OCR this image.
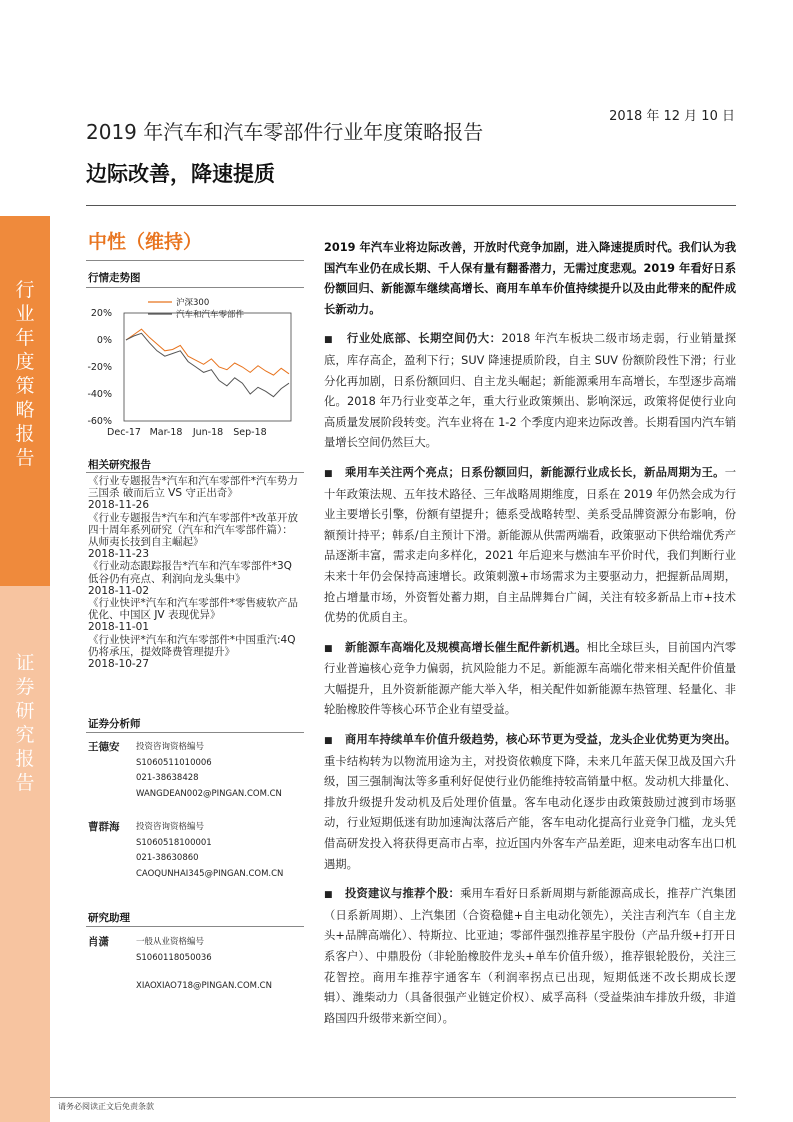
行
业
年
度
策
略
报
告
证
券
研
究
报
告
2018 年 12 月 10 日
2019 年汽车和汽车零部件行业年度策略报告
边际改善，降速提质
中性（维持）
行情走势图
20%
0%
-20%
-40%
-60%
Dec-17 Mar-18 Jun-18 Sep-18
沪深300
汽车和汽车零部件
相关研究报告
《行业专题报告*汽车和汽车零部件*汽车势力三国杀 破而后立 VS 守正出奇》
2018-11-26
《行业专题报告*汽车和汽车零部件*改革开放四十周年系列研究（汽车和汽车零部件篇）：从师夷长技到自主崛起》
2018-11-23
《行业动态跟踪报告*汽车和汽车零部件*3Q 低谷仍有亮点、利润向龙头集中》
2018-11-02
《行业快评*汽车和汽车零部件*零售疲软产品优化、中国区 JV 表现优异》
2018-11-01
《行业快评*汽车和汽车零部件*中国重汽:4Q 仍将承压，提效降费管理提升》
2018-10-27
证券分析师
王德安	投资咨询资格编号
S1060511010006
021-38638428
WANGDEAN002@PINGAN.COM.CN
曹群海	投资咨询资格编号
S1060518100001
021-38630860
CAOQUNHAI345@PINGAN.COM.CN
研究助理
肖潇	一般从业资格编号
S1060118050036
XIAOXIAO718@PINGAN.COM.CN

2019 年汽车业将边际改善，开放时代竞争加剧，进入降速提质时代。我们认为我国汽车业仍在成长期、千人保有量有翻番潜力，无需过度悲观。2019 年看好日系份额回归、新能源车继续高增长、商用车单车价值持续提升以及由此带来的配件成长新动力。

■    行业处底部、长期空间仍大：2018 年汽车板块二级市场走弱，行业销量探底，库存高企，盈利下行；SUV 降速提质阶段，自主 SUV 份额阶段性下滑；行业分化再加剧，日系份额回归、自主龙头崛起；新能源乘用车高增长，车型逐步高端化。2018 年乃行业变革之年，重大行业政策频出、影响深远，政策将促使行业向高质量发展阶段转变。汽车业将在 1-2 个季度内迎来边际改善。长期看国内汽车销量增长空间仍然巨大。

■    乘用车关注两个亮点；日系份额回归，新能源行业成长长，新品周期为王。一十年政策法规、五年技术路径、三年战略周期维度，日系在 2019 年仍然会成为行业主要增长引擎，份额有望提升；德系受战略转型、美系受品牌资源分布影响，份额预计持平；韩系/自主预计下滑。新能源从供需两端看，政策驱动下供给端优秀产品逐渐丰富，需求走向多样化，2021 年后迎来与燃油车平价时代，我们判断行业未来十年仍会保持高速增长。政策刺激+市场需求为主要驱动力，把握新品周期，抢占增量市场，外资暂处蓄力期，自主品牌舞台广阔，关注有较多新品上市+技术优势的优质自主。

■    新能源车高端化及规模高增长催生配件新机遇。相比全球巨头，目前国内汽零行业普遍核心竞争力偏弱，抗风险能力不足。新能源车高端化带来相关配件价值量大幅提升，且外资新能源产能大举入华，相关配件如新能源车热管理、轻量化、非轮胎橡胶件等核心环节企业有望受益。

■    商用车持续单车价值升级趋势，核心环节更为受益，龙头企业优势更为突出。重卡结构转为以物流用途为主，对投资依赖度下降，未来几年蓝天保卫战及国六升级，国三强制淘汰等多重利好促使行业仍能维持较高销量中枢。发动机大排量化、排放升级提升发动机及后处理价值量。客车电动化逐步由政策鼓励过渡到市场驱动，行业短期低迷有助加速淘汰落后产能，客车电动化提高行业竞争门槛，龙头凭借高研发投入将获得更高市占率，拉近国内外客车产品差距，迎来电动客车出口机遇期。

■    投资建议与推荐个股：乘用车看好日系新周期与新能源高成长，推荐广汽集团（日系新周期）、上汽集团（合资稳健+自主电动化领先），关注吉利汽车（自主龙头+品牌高端化）、特斯拉、比亚迪；零部件强烈推荐星宇股份（产品升级+打开日系客户）、中鼎股份（非轮胎橡胶件龙头+单车价值升级），推荐银轮股份，关注三花智控。商用车推荐宇通客车（利润率拐点已出现，短期低迷不改长期成长逻辑）、潍柴动力（具备很强产业链定价权）、威孚高科（受益柴油车排放升级，非道路国四升级带来新空间）。

请务必阅读正文后免责条款
